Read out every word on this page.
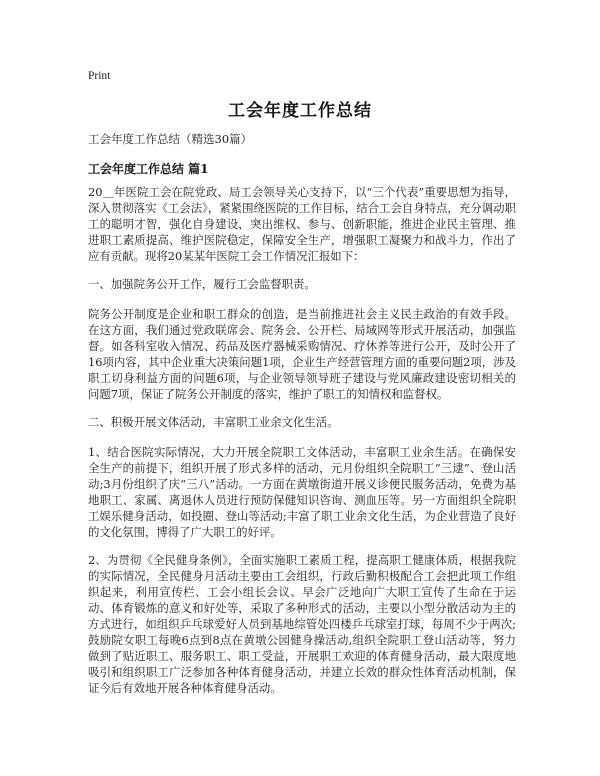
Print
工会年度工作总结
工会年度工作总结（精选30篇）
工会年度工作总结 篇1

20＿年医院工会在院党政、局工会领导关心支持下，以“三个代表”重要思想为指导，深入贯彻落实《工会法》，紧紧围绕医院的工作目标，结合工会自身特点，充分调动职工的聪明才智，强化自身建设，突出维权、参与、创新职能，推进企业民主管理、推进职工素质提高、维护医院稳定，保障安全生产，增强职工凝聚力和战斗力，作出了应有贡献。现将20某某年医院工会工作情况汇报如下：

一、加强院务公开工作，履行工会监督职责。

院务公开制度是企业和职工群众的创造，是当前推进社会主义民主政治的有效手段。在这方面，我们通过党政联席会、院务会、公开栏、局域网等形式开展活动，加强监督。如各科室收入情况、药品及医疗器械采购情况、疗休养等进行公开，及时公开了16项内容，其中企业重大决策问题1项，企业生产经营管理方面的重要问题2项，涉及职工切身利益方面的问题6项，与企业领导领导班子建设与党风廉政建设密切相关的问题7项，保证了院务公开制度的落实，维护了职工的知情权和监督权。

二、积极开展文体活动，丰富职工业余文化生活。

1、结合医院实际情况，大力开展全院职工文体活动，丰富职工业余生活。在确保安全生产的前提下，组织开展了形式多样的活动，元月份组织全院职工“三逮”、登山活动;3月份组织了庆“三八”活动。一方面在黄墩街道开展义诊便民服务活动，免费为基地职工、家属、离退休人员进行预防保健知识咨询、测血压等。另一方面组织全院职工娱乐健身活动，如投圈、登山等活动;丰富了职工业余文化生活，为企业营造了良好的文化氛围，博得了广大职工的好评。

2、为贯彻《全民健身条例》，全面实施职工素质工程，提高职工健康体质，根据我院的实际情况，全民健身月活动主要由工会组织，行政后勤积极配合工会把此项工作组织起来，利用宣传栏、工会小组长会议、早会广泛地向广大职工宣传了生命在于运动、体育锻炼的意义和好处等，采取了多种形式的活动，主要以小型分散活动为主的方式进行，如组织乒乓球爱好人员到基地综管处四楼乒乓球室打球，每周不少于两次;鼓励院女职工每晚6点到8点在黄墩公园健身操活动,组织全院职工登山活动等，努力做到了贴近职工、服务职工、职工受益，开展职工欢迎的体育健身活动，最大限度地吸引和组织职工广泛参加各种体育健身活动，并建立长效的群众性体育活动机制，保证今后有效地开展各种体育健身活动。
